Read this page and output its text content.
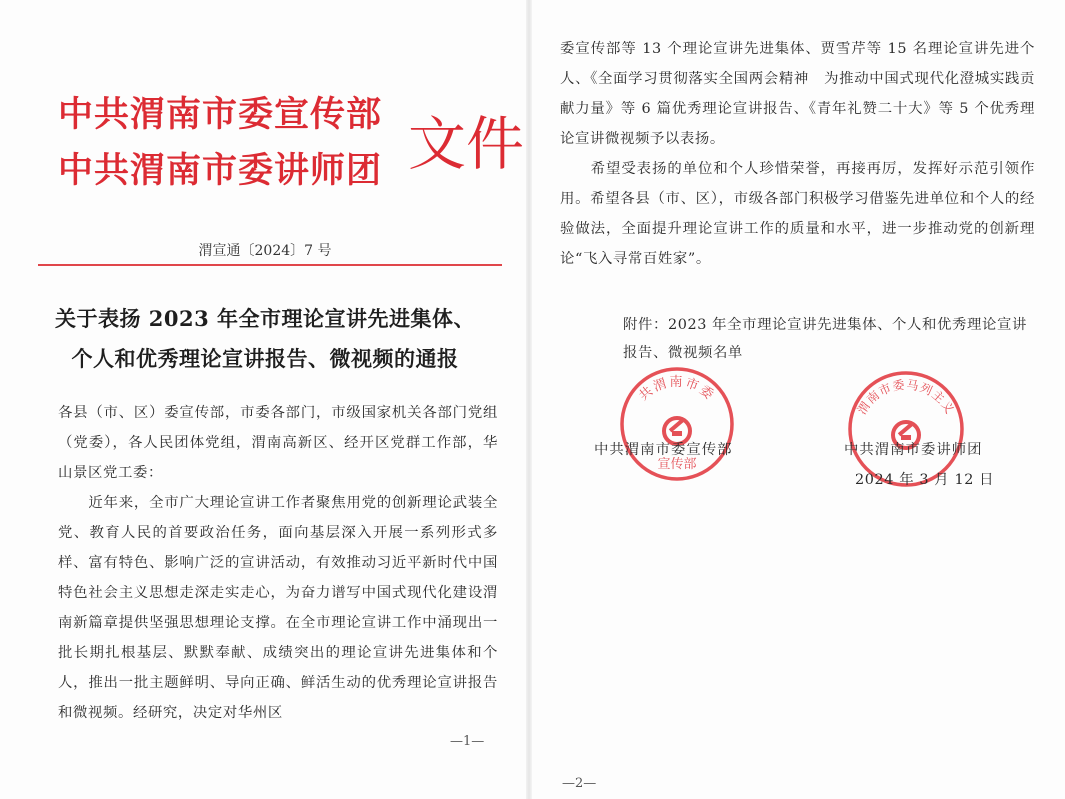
中共渭南市委宣传部
中共渭南市委讲师团 文件
渭宣通〔2024〕7 号
关于表扬 2023 年全市理论宣讲先进集体、
个人和优秀理论宣讲报告、微视频的通报
各县（市、区）委宣传部，市委各部门，市级国家机关各部门党组（党委），各人民团体党组，渭南高新区、经开区党群工作部，华山景区党工委：
　　近年来，全市广大理论宣讲工作者聚焦用党的创新理论武装全党、教育人民的首要政治任务，面向基层深入开展一系列形式多样、富有特色、影响广泛的宣讲活动，有效推动习近平新时代中国特色社会主义思想走深走实走心，为奋力谱写中国式现代化建设渭南新篇章提供坚强思想理论支撑。在全市理论宣讲工作中涌现出一批长期扎根基层、默默奉献、成绩突出的理论宣讲先进集体和个人，推出一批主题鲜明、导向正确、鲜活生动的优秀理论宣讲报告和微视频。经研究，决定对华州区
—1—
委宣传部等 13 个理论宣讲先进集体、贾雪芹等 15 名理论宣讲先进个人、《全面学习贯彻落实全国两会精神　为推动中国式现代化澄城实践贡献力量》等 6 篇优秀理论宣讲报告、《青年礼赞二十大》等 5 个优秀理论宣讲微视频予以表扬。
　　希望受表扬的单位和个人珍惜荣誉，再接再厉，发挥好示范引领作用。希望各县（市、区），市级各部门积极学习借鉴先进单位和个人的经验做法，全面提升理论宣讲工作的质量和水平，进一步推动党的创新理论“飞入寻常百姓家”。
附件：2023 年全市理论宣讲先进集体、个人和优秀理论宣讲报告、微视频名单
共渭南市委
宣传部
渭南市委马列主义
中共渭南市委宣传部	中共渭南市委讲师团
2024 年 3 月 12 日
—2—
